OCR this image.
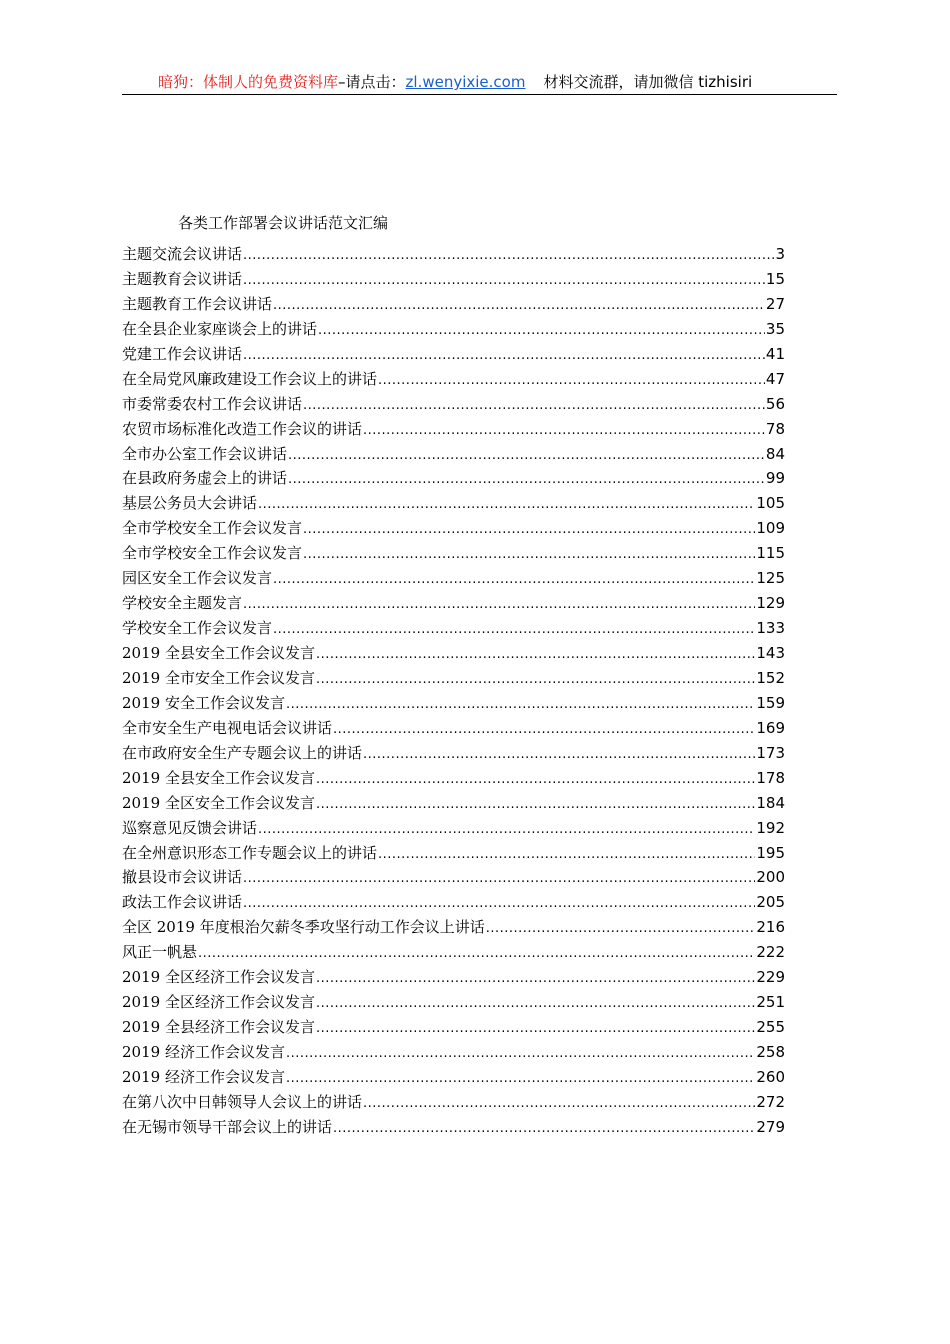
暗狗：体制人的免费资料库–请点击：zl.wenyixie.com 材料交流群，请加微信 tizhisiri
各类工作部署会议讲话范文汇编
主题交流会议讲话 .....	3
主题教育会议讲话 .....	15
主题教育工作会议讲话 .....	27
在全县企业家座谈会上的讲话 .....	35
党建工作会议讲话 .....	41
在全局党风廉政建设工作会议上的讲话 .....	47
市委常委农村工作会议讲话 .....	56
农贸市场标准化改造工作会议的讲话 .....	78
全市办公室工作会议讲话 .....	84
在县政府务虚会上的讲话 .....	99
基层公务员大会讲话 .....	105
全市学校安全工作会议发言 .....	109
全市学校安全工作会议发言 .....	115
园区安全工作会议发言 .....	125
学校安全主题发言 .....	129
学校安全工作会议发言 .....	133
2019 全县安全工作会议发言 .....	143
2019 全市安全工作会议发言 .....	152
2019 安全工作会议发言 .....	159
全市安全生产电视电话会议讲话 .....	169
在市政府安全生产专题会议上的讲话 .....	173
2019 全县安全工作会议发言 .....	178
2019 全区安全工作会议发言 .....	184
巡察意见反馈会讲话 .....	192
在全州意识形态工作专题会议上的讲话 .....	195
撤县设市会议讲话 .....	200
政法工作会议讲话 .....	205
全区 2019 年度根治欠薪冬季攻坚行动工作会议上讲话 .....	216
风正一帆悬 .....	222
2019 全区经济工作会议发言 .....	229
2019 全区经济工作会议发言 .....	251
2019 全县经济工作会议发言 .....	255
2019 经济工作会议发言 .....	258
2019 经济工作会议发言 .....	260
在第八次中日韩领导人会议上的讲话 .....	272
在无锡市领导干部会议上的讲话 .....	279
